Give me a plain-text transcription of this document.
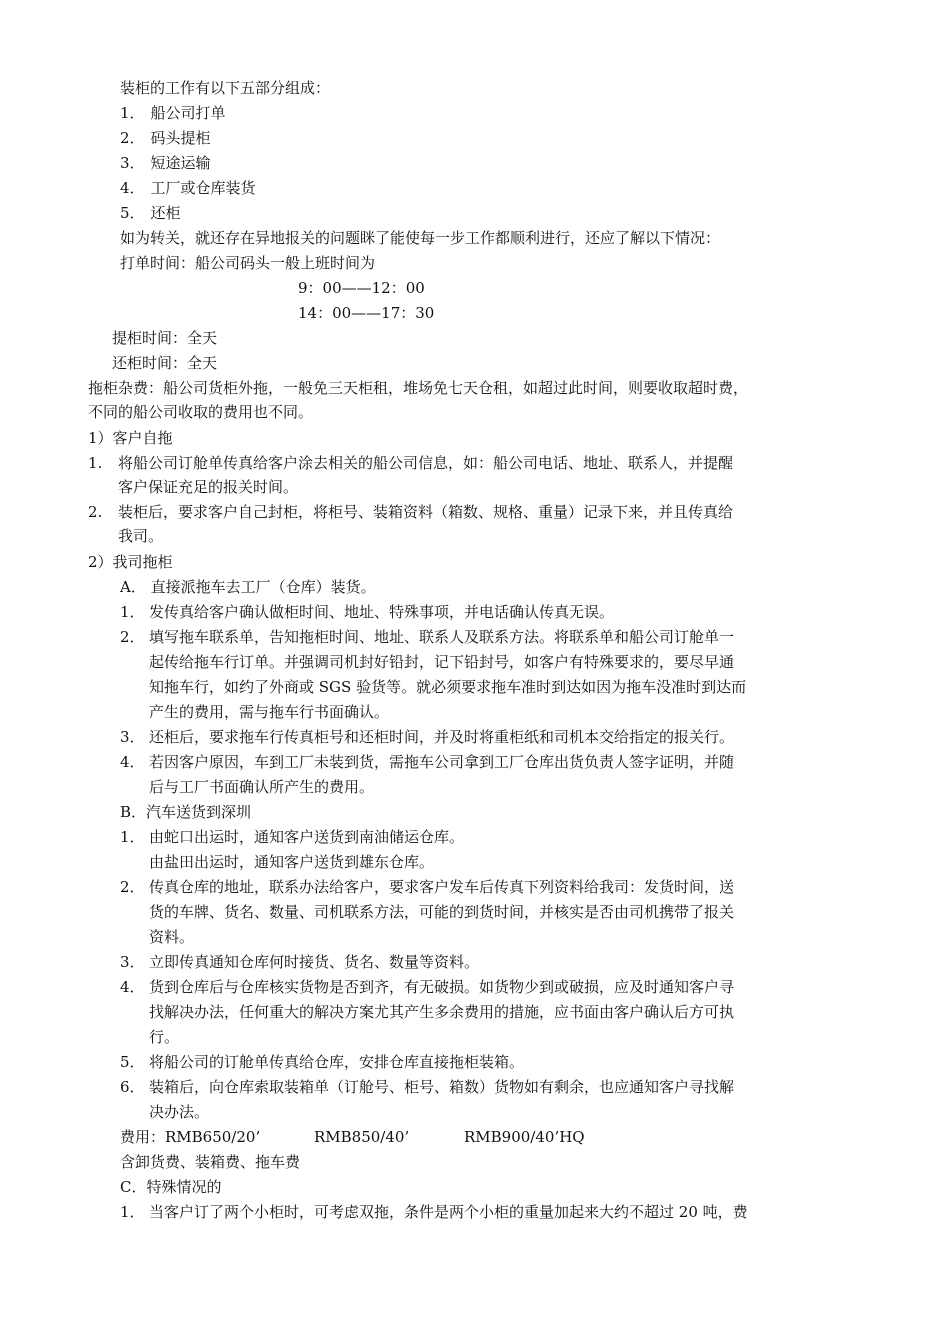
装柜的工作有以下五部分组成：
1． 船公司打单
2． 码头提柜
3． 短途运输
4． 工厂或仓库装货
5． 还柜
如为转关，就还存在异地报关的问题眯了能使每一步工作都顺利进行，还应了解以下情况：
打单时间：船公司码头一般上班时间为
9：00——12：00
14：00——17：30
提柜时间：全天
还柜时间：全天
拖柜杂费：船公司货柜外拖，一般免三天柜租，堆场免七天仓租，如超过此时间，则要收取超时费，
不同的船公司收取的费用也不同。
1）客户自拖
1. 将船公司订舱单传真给客户涂去相关的船公司信息，如：船公司电话、地址、联系人，并提醒
客户保证充足的报关时间。
2. 装柜后，要求客户自己封柜，将柜号、装箱资料（箱数、规格、重量）记录下来，并且传真给
我司。
2）我司拖柜
A． 直接派拖车去工厂（仓库）装货。
1． 发传真给客户确认做柜时间、地址、特殊事项，并电话确认传真无误。
2． 填写拖车联系单，告知拖柜时间、地址、联系人及联系方法。将联系单和船公司订舱单一
起传给拖车行订单。并强调司机封好铅封，记下铅封号，如客户有特殊要求的，要尽早通
知拖车行，如约了外商或 SGS 验货等。就必须要求拖车准时到达如因为拖车没准时到达而
产生的费用，需与拖车行书面确认。
3． 还柜后，要求拖车行传真柜号和还柜时间，并及时将重柜纸和司机本交给指定的报关行。
4． 若因客户原因，车到工厂未装到货，需拖车公司拿到工厂仓库出货负责人签字证明，并随
后与工厂书面确认所产生的费用。
B．汽车送货到深圳
1． 由蛇口出运时，通知客户送货到南油储运仓库。
由盐田出运时，通知客户送货到雄东仓库。
2． 传真仓库的地址，联系办法给客户，要求客户发车后传真下列资料给我司：发货时间，送
货的车牌、货名、数量、司机联系方法，可能的到货时间，并核实是否由司机携带了报关
资料。
3． 立即传真通知仓库何时接货、货名、数量等资料。
4． 货到仓库后与仓库核实货物是否到齐，有无破损。如货物少到或破损，应及时通知客户寻
找解决办法，任何重大的解决方案尤其产生多余费用的措施，应书面由客户确认后方可执
行。
5． 将船公司的订舱单传真给仓库，安排仓库直接拖柜装箱。
6． 装箱后，向仓库索取装箱单（订舱号、柜号、箱数）货物如有剩余，也应通知客户寻找解
决办法。
费用：RMB650/20’	RMB850/40’	RMB900/40’HQ
含卸货费、装箱费、拖车费
C．特殊情况的
1． 当客户订了两个小柜时，可考虑双拖，条件是两个小柜的重量加起来大约不超过 20 吨，费
